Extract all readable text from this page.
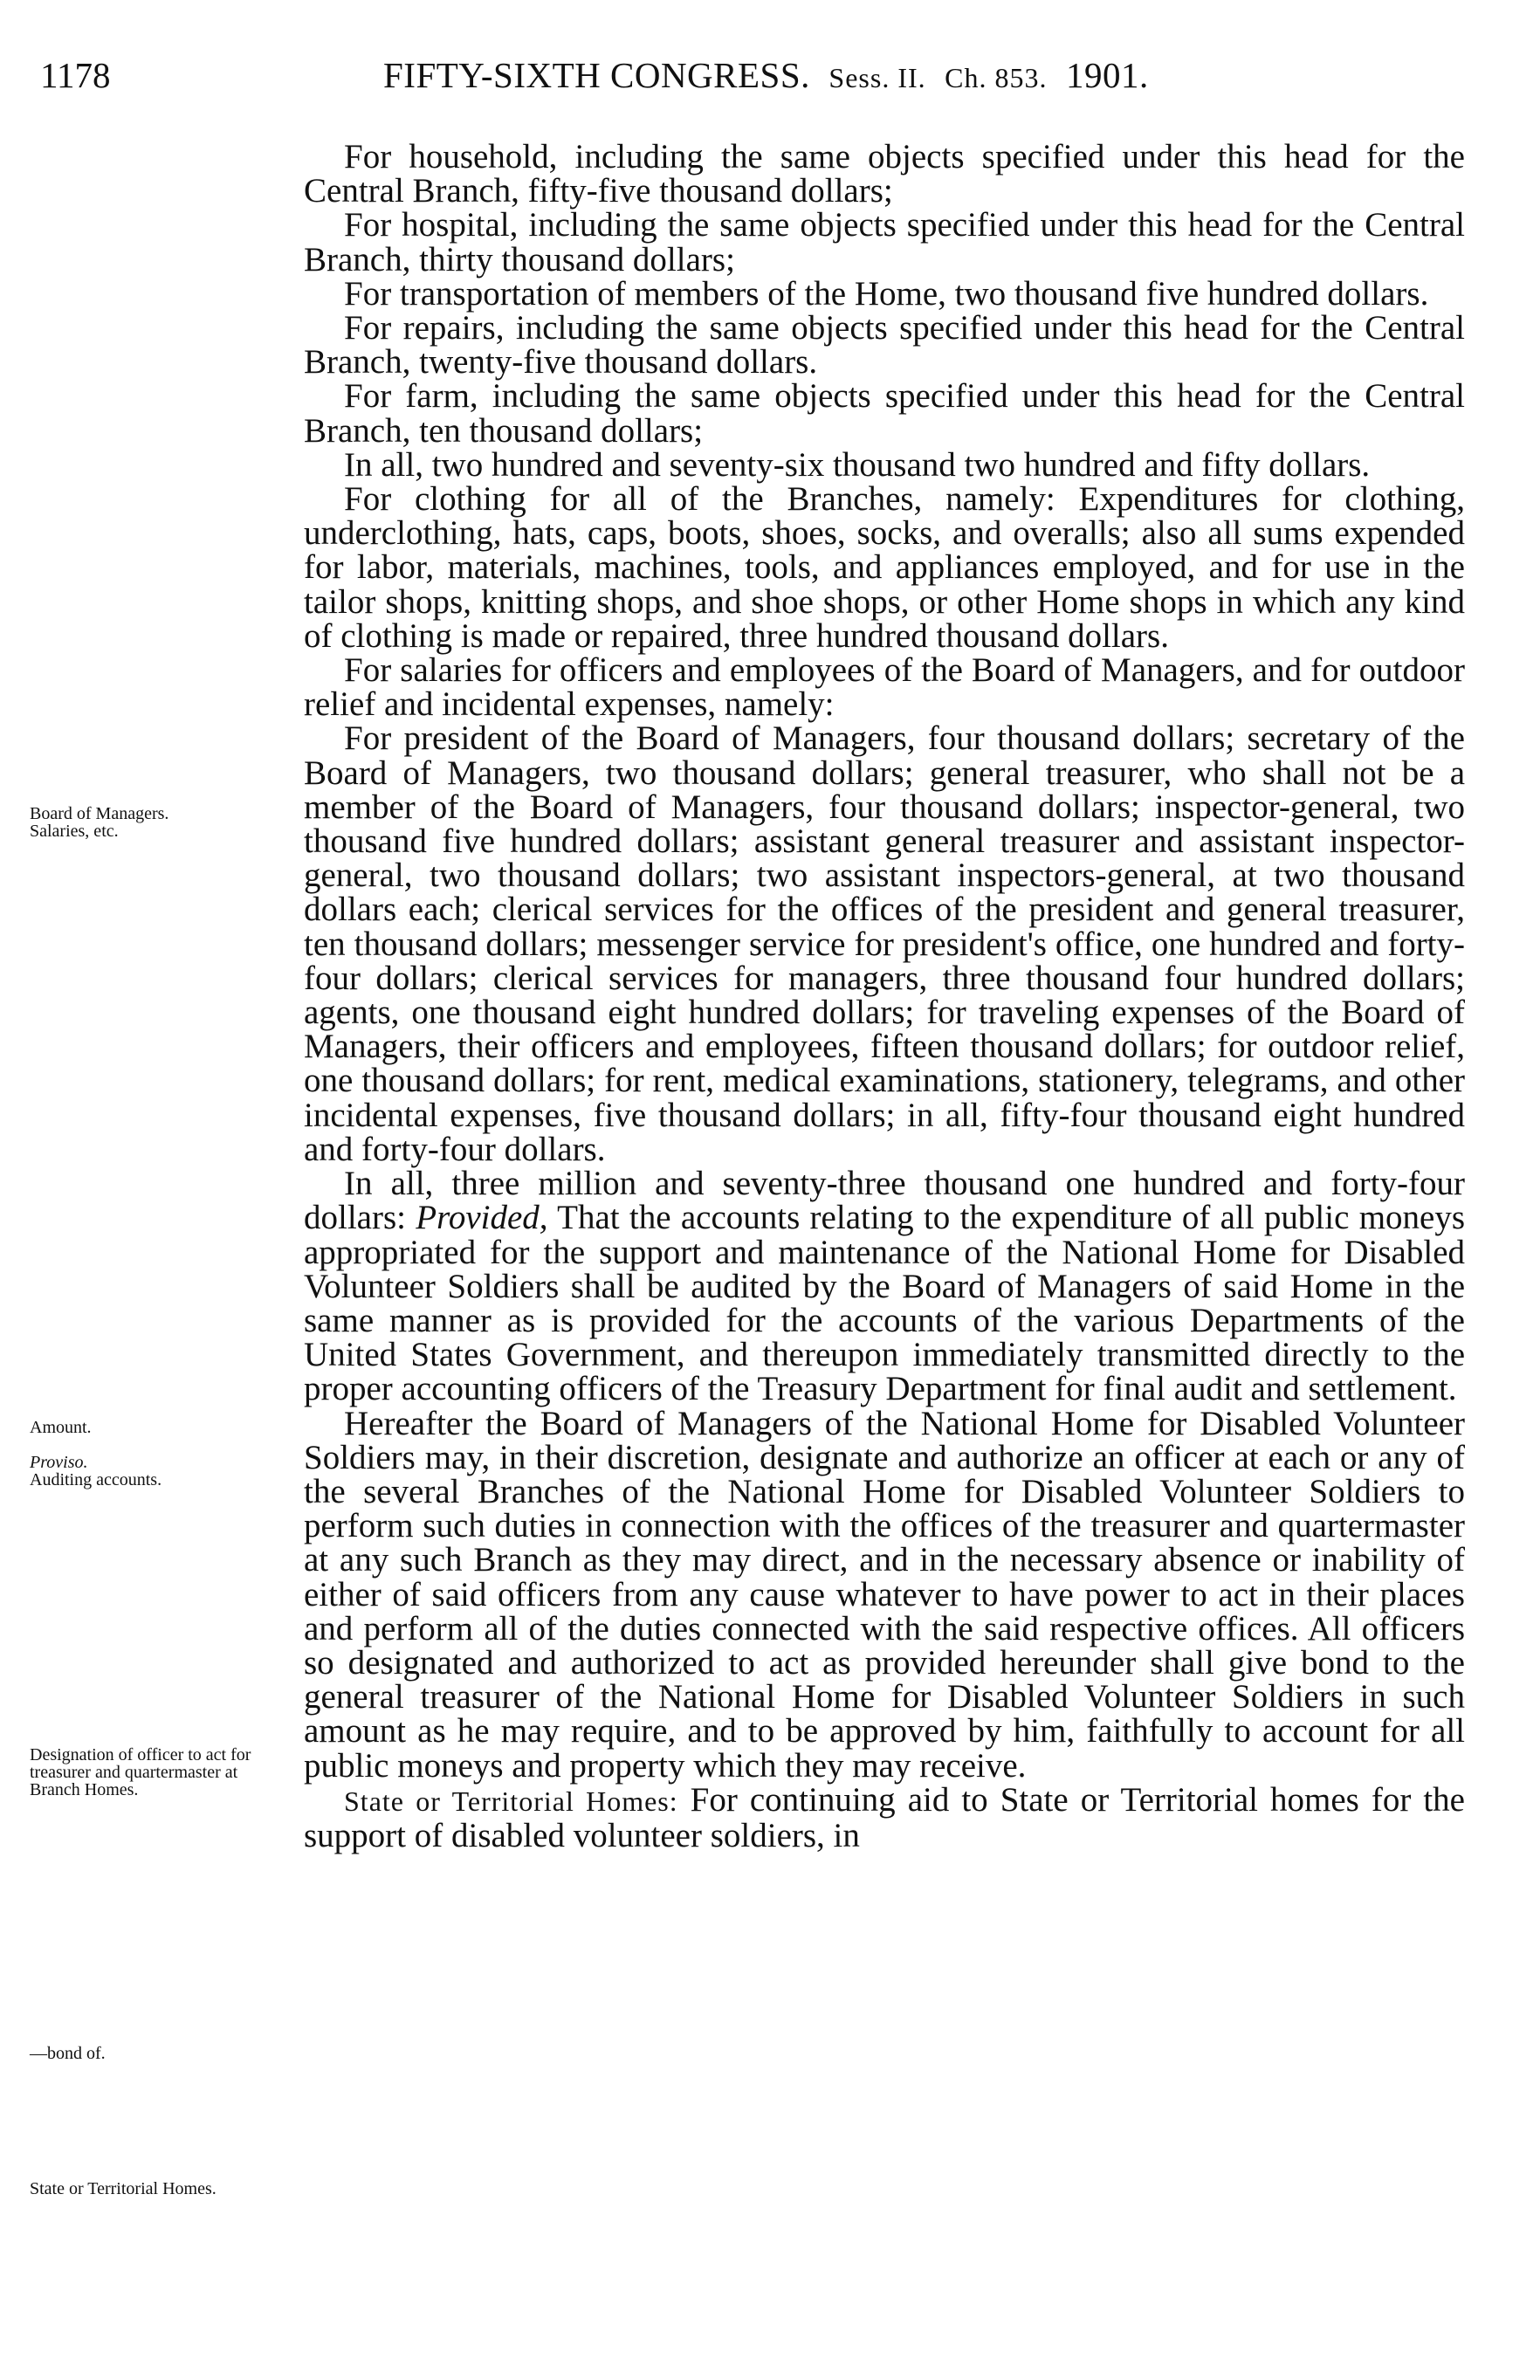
1178	FIFTY-SIXTH CONGRESS. Sess. II. Ch. 853. 1901.
Board of Managers.
Salaries, etc.
Amount.
Proviso.
Auditing accounts.
Designation of officer to act for treasurer and quartermaster at Branch Homes.
—bond of.
State or Territorial Homes.

For household, including the same objects specified under this head for the Central Branch, fifty-five thousand dollars;

For hospital, including the same objects specified under this head for the Central Branch, thirty thousand dollars;

For transportation of members of the Home, two thousand five hundred dollars.

For repairs, including the same objects specified under this head for the Central Branch, twenty-five thousand dollars.

For farm, including the same objects specified under this head for the Central Branch, ten thousand dollars;

In all, two hundred and seventy-six thousand two hundred and fifty dollars.

For clothing for all of the Branches, namely: Expenditures for clothing, underclothing, hats, caps, boots, shoes, socks, and overalls; also all sums expended for labor, materials, machines, tools, and appliances employed, and for use in the tailor shops, knitting shops, and shoe shops, or other Home shops in which any kind of clothing is made or repaired, three hundred thousand dollars.

For salaries for officers and employees of the Board of Managers, and for outdoor relief and incidental expenses, namely:

For president of the Board of Managers, four thousand dollars; secretary of the Board of Managers, two thousand dollars; general treasurer, who shall not be a member of the Board of Managers, four thousand dollars; inspector-general, two thousand five hundred dollars; assistant general treasurer and assistant inspector-general, two thousand dollars; two assistant inspectors-general, at two thousand dollars each; clerical services for the offices of the president and general treasurer, ten thousand dollars; messenger service for president's office, one hundred and forty-four dollars; clerical services for managers, three thousand four hundred dollars; agents, one thousand eight hundred dollars; for traveling expenses of the Board of Managers, their officers and employees, fifteen thousand dollars; for outdoor relief, one thousand dollars; for rent, medical examinations, stationery, telegrams, and other incidental expenses, five thousand dollars; in all, fifty-four thousand eight hundred and forty-four dollars.

In all, three million and seventy-three thousand one hundred and forty-four dollars: Provided, That the accounts relating to the expenditure of all public moneys appropriated for the support and maintenance of the National Home for Disabled Volunteer Soldiers shall be audited by the Board of Managers of said Home in the same manner as is provided for the accounts of the various Departments of the United States Government, and thereupon immediately transmitted directly to the proper accounting officers of the Treasury Department for final audit and settlement.

Hereafter the Board of Managers of the National Home for Disabled Volunteer Soldiers may, in their discretion, designate and authorize an officer at each or any of the several Branches of the National Home for Disabled Volunteer Soldiers to perform such duties in connection with the offices of the treasurer and quartermaster at any such Branch as they may direct, and in the necessary absence or inability of either of said officers from any cause whatever to have power to act in their places and perform all of the duties connected with the said respective offices. All officers so designated and authorized to act as provided hereunder shall give bond to the general treasurer of the National Home for Disabled Volunteer Soldiers in such amount as he may require, and to be approved by him, faithfully to account for all public moneys and property which they may receive.

State or Territorial Homes: For continuing aid to State or Territorial homes for the support of disabled volunteer soldiers, in
